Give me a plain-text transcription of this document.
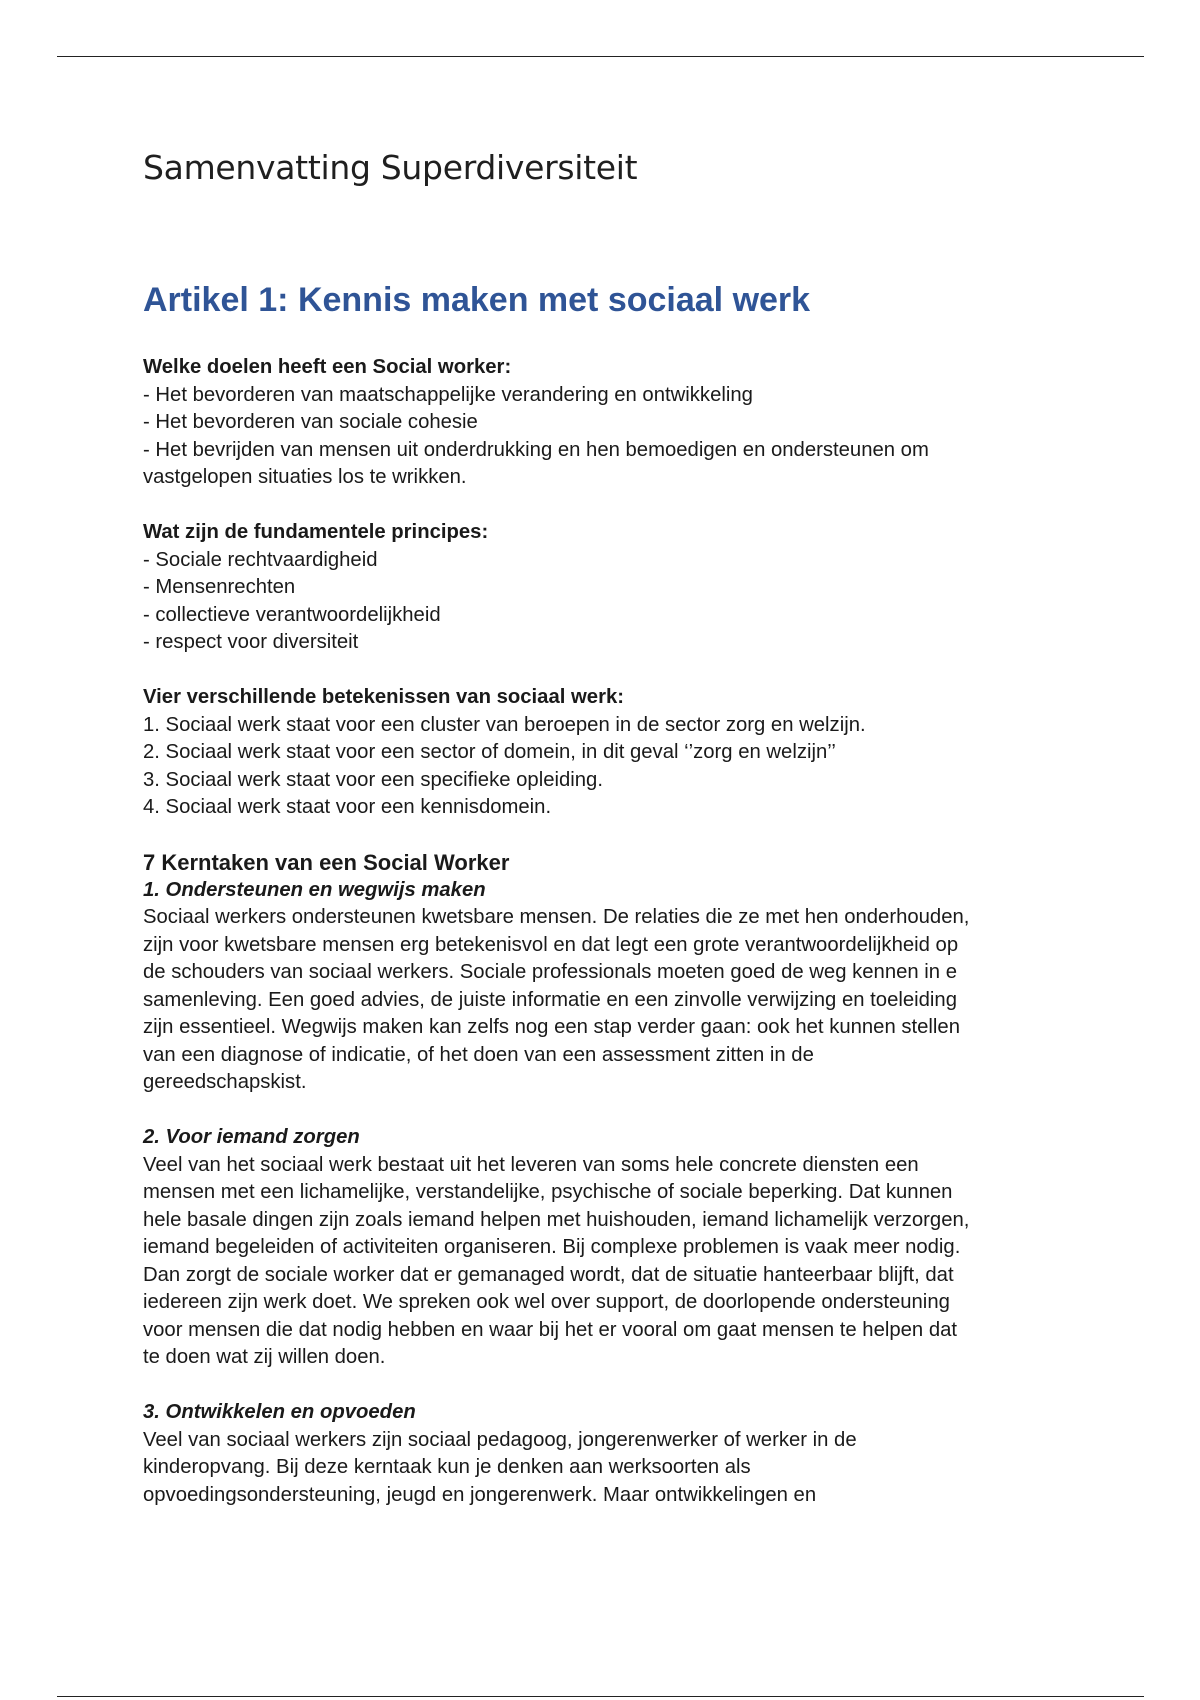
Samenvatting Superdiversiteit
Artikel 1: Kennis maken met sociaal werk

Welke doelen heeft een Social worker:

- Het bevorderen van maatschappelijke verandering en ontwikkeling
- Het bevorderen van sociale cohesie
- Het bevrijden van mensen uit onderdrukking en hen bemoedigen en ondersteunen om
vastgelopen situaties los te wrikken.

Wat zijn de fundamentele principes:

- Sociale rechtvaardigheid
- Mensenrechten
- collectieve verantwoordelijkheid
- respect voor diversiteit

Vier verschillende betekenissen van sociaal werk:

1. Sociaal werk staat voor een cluster van beroepen in de sector zorg en welzijn.
2. Sociaal werk staat voor een sector of domein, in dit geval ‘’zorg en welzijn’’
3. Sociaal werk staat voor een specifieke opleiding.
4. Sociaal werk staat voor een kennisdomein.

7 Kerntaken van een Social Worker

1. Ondersteunen en wegwijs maken
Sociaal werkers ondersteunen kwetsbare mensen. De relaties die ze met hen onderhouden,
zijn voor kwetsbare mensen erg betekenisvol en dat legt een grote verantwoordelijkheid op
de schouders van sociaal werkers. Sociale professionals moeten goed de weg kennen in e
samenleving. Een goed advies, de juiste informatie en een zinvolle verwijzing en toeleiding
zijn essentieel. Wegwijs maken kan zelfs nog een stap verder gaan: ook het kunnen stellen
van een diagnose of indicatie, of het doen van een assessment zitten in de
gereedschapskist.
2. Voor iemand zorgen
Veel van het sociaal werk bestaat uit het leveren van soms hele concrete diensten een
mensen met een lichamelijke, verstandelijke, psychische of sociale beperking. Dat kunnen
hele basale dingen zijn zoals iemand helpen met huishouden, iemand lichamelijk verzorgen,
iemand begeleiden of activiteiten organiseren. Bij complexe problemen is vaak meer nodig.
Dan zorgt de sociale worker dat er gemanaged wordt, dat de situatie hanteerbaar blijft, dat
iedereen zijn werk doet. We spreken ook wel over support, de doorlopende ondersteuning
voor mensen die dat nodig hebben en waar bij het er vooral om gaat mensen te helpen dat
te doen wat zij willen doen.
3. Ontwikkelen en opvoeden
Veel van sociaal werkers zijn sociaal pedagoog, jongerenwerker of werker in de
kinderopvang. Bij deze kerntaak kun je denken aan werksoorten als
opvoedingsondersteuning, jeugd en jongerenwerk. Maar ontwikkelingen en
